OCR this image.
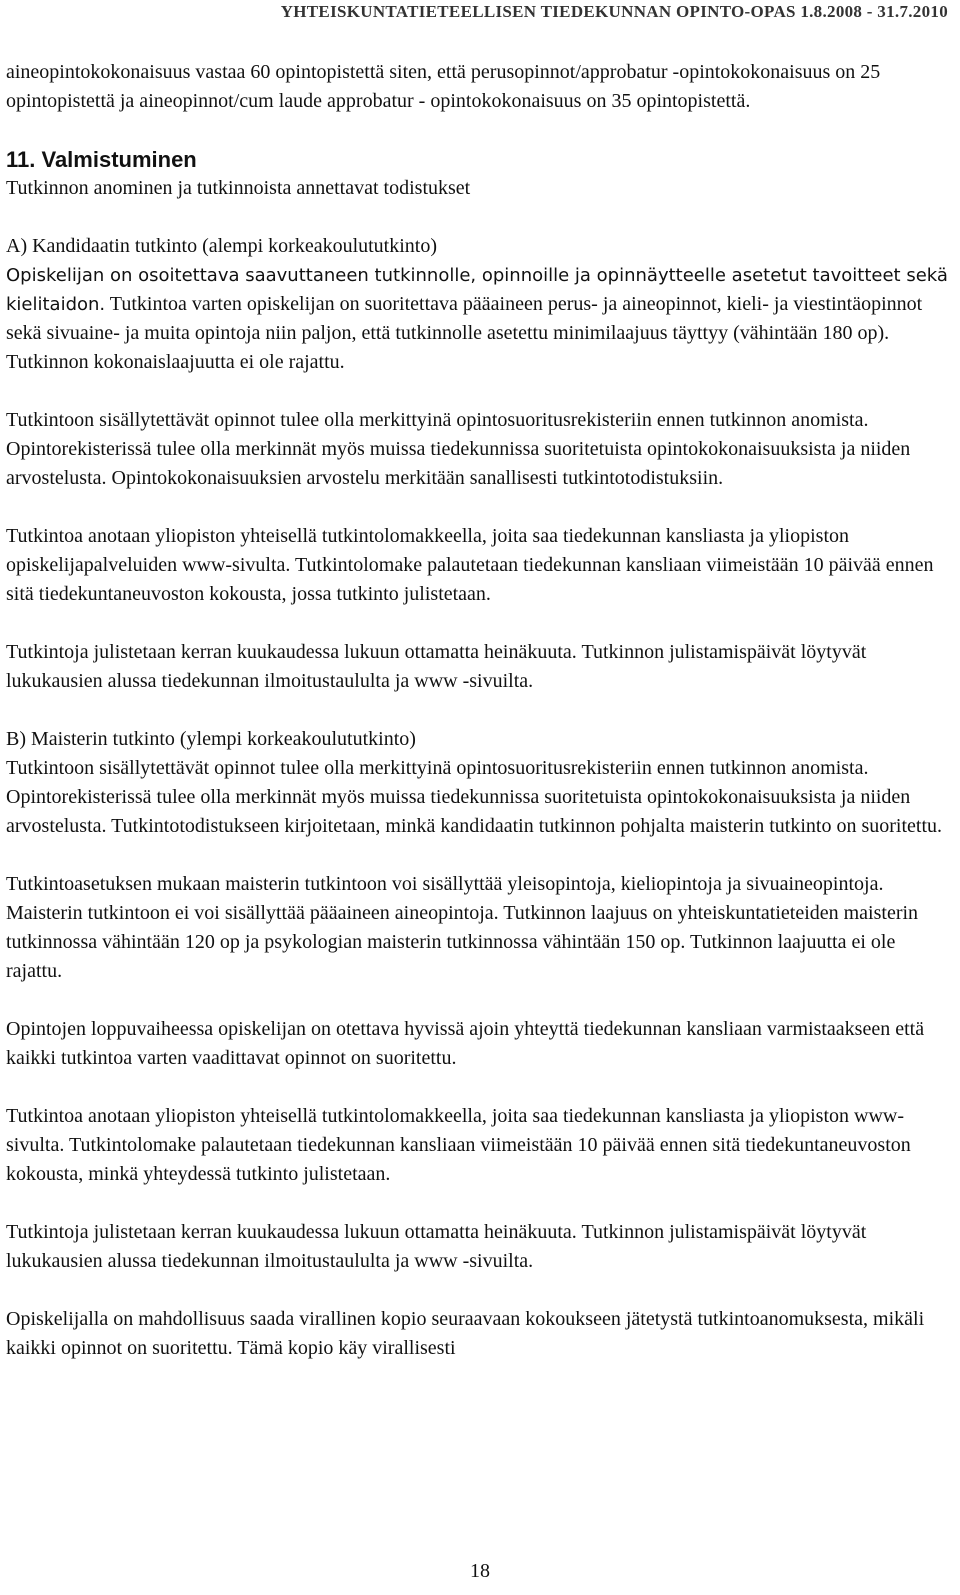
YHTEISKUNTATIETEELLISEN TIEDEKUNNAN OPINTO-OPAS 1.8.2008 - 31.7.2010

aineopintokokonaisuus vastaa 60 opintopistettä siten, että perusopinnot/approbatur -opintokokonaisuus on 25 opintopistettä ja aineopinnot/cum laude approbatur - opintokokonaisuus on 35 opintopistettä.

11. Valmistuminen

Tutkinnon anominen ja tutkinnoista annettavat todistukset

A) Kandidaatin tutkinto (alempi korkeakoulututkinto)

Opiskelijan on osoitettava saavuttaneen tutkinnolle, opinnoille ja opinnäytteelle asetetut tavoitteet sekä kielitaidon. Tutkintoa varten opiskelijan on suoritettava pääaineen perus- ja aineopinnot, kieli- ja viestintäopinnot sekä sivuaine- ja muita opintoja niin paljon, että tutkinnolle asetettu minimilaajuus täyttyy (vähintään 180 op). Tutkinnon kokonaislaajuutta ei ole rajattu.

Tutkintoon sisällytettävät opinnot tulee olla merkittyinä opintosuoritusrekisteriin ennen tutkinnon anomista. Opintorekisterissä tulee olla merkinnät myös muissa tiedekunnissa suoritetuista opintokokonaisuuksista ja niiden arvostelusta. Opintokokonaisuuksien arvostelu merkitään sanallisesti tutkintotodistuksiin.

Tutkintoa anotaan yliopiston yhteisellä tutkintolomakkeella, joita saa tiedekunnan kansliasta ja yliopiston opiskelijapalveluiden www-sivulta. Tutkintolomake palautetaan tiedekunnan kansliaan viimeistään 10 päivää ennen sitä tiedekuntaneuvoston kokousta, jossa tutkinto julistetaan.

Tutkintoja julistetaan kerran kuukaudessa lukuun ottamatta heinäkuuta. Tutkinnon julistamispäivät löytyvät lukukausien alussa tiedekunnan ilmoitustaululta ja www -sivuilta.

B) Maisterin tutkinto (ylempi korkeakoulututkinto)

Tutkintoon sisällytettävät opinnot tulee olla merkittyinä opintosuoritusrekisteriin ennen tutkinnon anomista. Opintorekisterissä tulee olla merkinnät myös muissa tiedekunnissa suoritetuista opintokokonaisuuksista ja niiden arvostelusta. Tutkintotodistukseen kirjoitetaan, minkä kandidaatin tutkinnon pohjalta maisterin tutkinto on suoritettu.

Tutkintoasetuksen mukaan maisterin tutkintoon voi sisällyttää yleisopintoja, kieliopintoja ja sivuaineopintoja. Maisterin tutkintoon ei voi sisällyttää pääaineen aineopintoja. Tutkinnon laajuus on yhteiskuntatieteiden maisterin tutkinnossa vähintään 120 op ja psykologian maisterin tutkinnossa vähintään 150 op. Tutkinnon laajuutta ei ole rajattu.

Opintojen loppuvaiheessa opiskelijan on otettava hyvissä ajoin yhteyttä tiedekunnan kansliaan varmistaakseen että kaikki tutkintoa varten vaadittavat opinnot on suoritettu.

Tutkintoa anotaan yliopiston yhteisellä tutkintolomakkeella, joita saa tiedekunnan kansliasta ja yliopiston www-sivulta. Tutkintolomake palautetaan tiedekunnan kansliaan viimeistään 10 päivää ennen sitä tiedekuntaneuvoston kokousta, minkä yhteydessä tutkinto julistetaan.

Tutkintoja julistetaan kerran kuukaudessa lukuun ottamatta heinäkuuta. Tutkinnon julistamispäivät löytyvät lukukausien alussa tiedekunnan ilmoitustaululta ja www -sivuilta.

Opiskelijalla on mahdollisuus saada virallinen kopio seuraavaan kokoukseen jätetystä tutkintoanomuksesta, mikäli kaikki opinnot on suoritettu. Tämä kopio käy virallisesti

18
